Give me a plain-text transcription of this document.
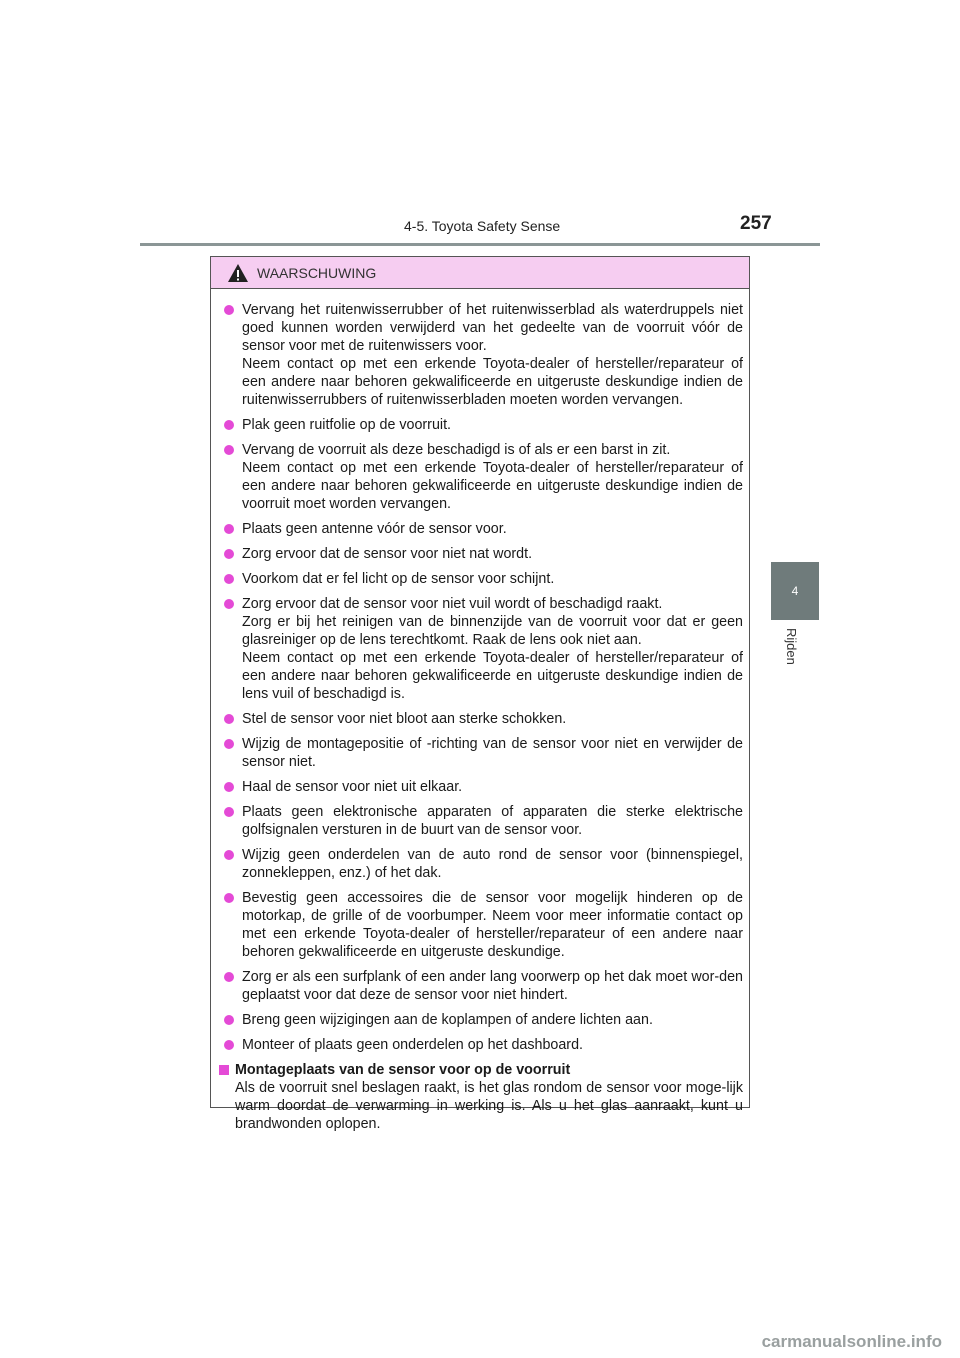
4-5. Toyota Safety Sense	257
4
Rijden
WAARSCHUWING

Vervang het ruitenwisserrubber of het ruitenwisserblad als waterdruppels niet goed kunnen worden verwijderd van het gedeelte van de voorruit vóór de sensor voor met de ruitenwissers voor.

Neem contact op met een erkende Toyota-dealer of hersteller/reparateur of een andere naar behoren gekwalificeerde en uitgeruste deskundige indien de ruitenwisserrubbers of ruitenwisserbladen moeten worden vervangen.

Plak geen ruitfolie op de voorruit.

Vervang de voorruit als deze beschadigd is of als er een barst in zit.

Neem contact op met een erkende Toyota-dealer of hersteller/reparateur of een andere naar behoren gekwalificeerde en uitgeruste deskundige indien de voorruit moet worden vervangen.

Plaats geen antenne vóór de sensor voor.

Zorg ervoor dat de sensor voor niet nat wordt.

Voorkom dat er fel licht op de sensor voor schijnt.

Zorg ervoor dat de sensor voor niet vuil wordt of beschadigd raakt.

Zorg er bij het reinigen van de binnenzijde van de voorruit voor dat er geen glasreiniger op de lens terechtkomt. Raak de lens ook niet aan.

Neem contact op met een erkende Toyota-dealer of hersteller/reparateur of een andere naar behoren gekwalificeerde en uitgeruste deskundige indien de lens vuil of beschadigd is.

Stel de sensor voor niet bloot aan sterke schokken.

Wijzig de montagepositie of -richting van de sensor voor niet en verwijder de sensor niet.

Haal de sensor voor niet uit elkaar.

Plaats geen elektronische apparaten of apparaten die sterke elektrische golfsignalen versturen in de buurt van de sensor voor.

Wijzig geen onderdelen van de auto rond de sensor voor (binnenspiegel, zonnekleppen, enz.) of het dak.

Bevestig geen accessoires die de sensor voor mogelijk hinderen op de motorkap, de grille of de voorbumper. Neem voor meer informatie contact op met een erkende Toyota-dealer of hersteller/reparateur of een andere naar behoren gekwalificeerde en uitgeruste deskundige.

Zorg er als een surfplank of een ander lang voorwerp op het dak moet wor-den geplaatst voor dat deze de sensor voor niet hindert.

Breng geen wijzigingen aan de koplampen of andere lichten aan.

Monteer of plaats geen onderdelen op het dashboard.

Montageplaats van de sensor voor op de voorruit

Als de voorruit snel beslagen raakt, is het glas rondom de sensor voor moge-lijk warm doordat de verwarming in werking is. Als u het glas aanraakt, kunt u brandwonden oplopen.

carmanualsonline.info
